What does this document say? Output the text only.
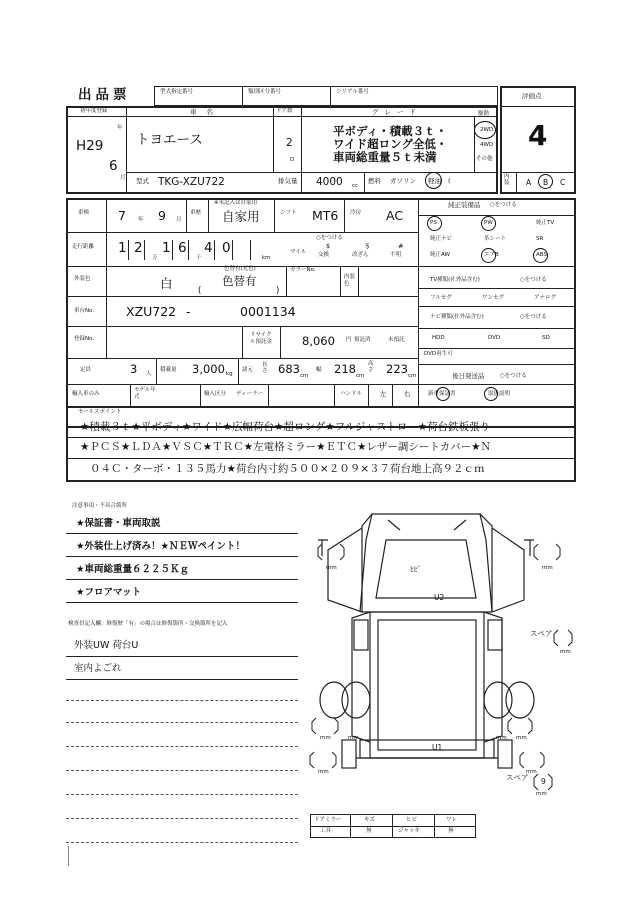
出品票	型式指定番号	類別区分番号	シリアル番号
初年度登録
年
H29
6
月
車名
トヨエース
ドア数
2
D
グレード
平ボディ・積載３ｔ・
ワイド超ロング全低・
車両総重量５ｔ未満
駆動
2WD
4WD
その他
型式 TKG-XZU722	排気量 4000 cc
燃料 ガソリン 軽油 (
評価点
4
内装	A B C
車検 7 年 9 月
車歴
※未記入は自家用
自家用	シフト MT6 冷房 AC
走行距離 1 2 1 6 4 0
万	千	km
○をつける
マイル
$
交換
＄
改ざん
#
不明
外装色	白
色替有(元色)
色替有
(	)
カラーNo.
内装色
車台No.	XZU722 -	0001134
登録No.
リサイクル預託金	8,060 円 預託済	未預託
定員	3 人
積載量 3,000 kg
諸元
長さ 683 cm
幅 218 cm
高さ 223 cm
輸入車のみ
モデル年式	輸入区分 ディーラー	ハンドル	左	右
純正装備品 ○をつける
PS	PW	純正TV
純正ナビ	革シート	SR
純正AW	エアB	ABS
TV種類(社外品含む)	○をつける
フルセグ	ワンセグ	アナログ
ナビ種類(社外品含む)	○をつける
HDD	DVD	SD
DVD再生可
後日発送品	○をつける
新車保証書	取扱説明
セールスポイント
★積載３ｔ★平ボディ★ワイド★広幅荷台★超ロング★フルジャストロー★荷台鉄板張り
★ＰＣＳ★ＬＤＡ★ＶＳＣ★ＴＲＣ★左電格ミラー★ＥＴＣ★レザー調シートカバー★Ｎ
０４Ｃ・ターボ・１３５馬力★荷台内寸約５００×２０９×３７荷台地上高９２ｃｍ
注意事項・不具合箇所
★保証書・車両取説
★外装仕上げ済み！★ＮＥＷペイント！
★車両総重量６２２５Ｋｇ
★フロアマット
検査員記入欄：修復歴「有」の場合は修復箇所・交換箇所を記入
外装UW 荷台U
室内よごれ
ﾋﾋﾞ
U2
U1
mm	mm
mm	mm	mm mm
mm	mm
mm
mm
スペア
スペア 9
ドアミラー	キズ	ヒビ	ワレ
工具	無	ジャッキ	無
